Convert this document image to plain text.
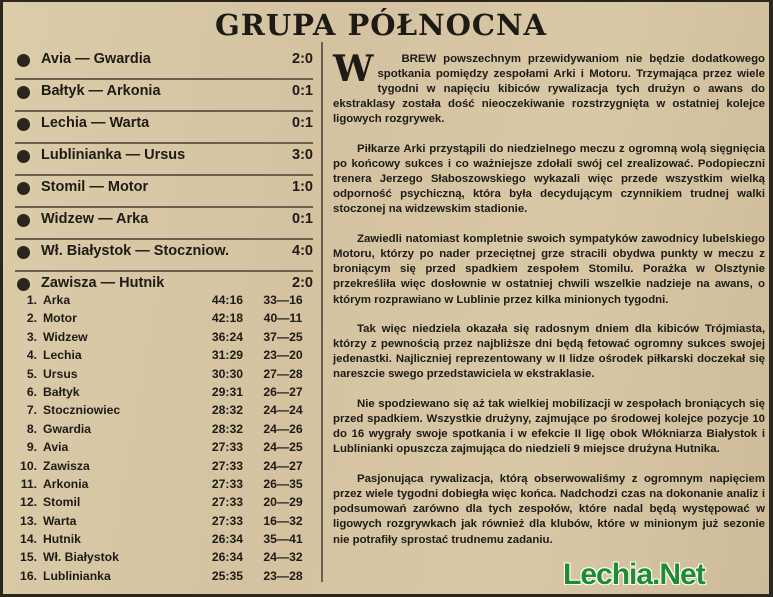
GRUPA PÓŁNOCNA
Avia — Gwardia	2:0
Bałtyk — Arkonia	0:1
Lechia — Warta	0:1
Lublinianka — Ursus	3:0
Stomil — Motor	1:0
Widzew — Arka	0:1
Wł. Białystok — Stoczniow.	4:0
Zawisza — Hutnik	2:0
1. Arka	44:16	33—16
2. Motor	42:18	40—11
3. Widzew	36:24	37—25
4. Lechia	31:29	23—20
5. Ursus	30:30	27—28
6. Bałtyk	29:31	26—27
7. Stoczniowiec	28:32	24—24
8. Gwardia	28:32	24—26
9. Avia	27:33	24—25
10. Zawisza	27:33	24—27
11. Arkonia	27:33	26—35
12. Stomil	27:33	20—29
13. Warta	27:33	16—32
14. Hutnik	26:34	35—41
15. Wł. Białystok	26:34	24—32
16. Lublinianka	25:35	23—28

W BREW powszechnym przewidywaniom nie będzie dodatkowego spotkania pomiędzy zespołami Arki i Motoru. Trzymająca przez wiele tygodni w napięciu kibiców rywalizacja tych drużyn o awans do ekstraklasy została dość nieoczekiwanie rozstrzygnięta w ostatniej kolejce ligowych rozgrywek.

Piłkarze Arki przystąpili do niedzielnego meczu z ogromną wolą sięgnięcia po końcowy sukces i co ważniejsze zdołali swój cel zrealizować. Podopieczni trenera Jerzego Słaboszowskiego wykazali więc przede wszystkim wielką odporność psychiczną, która była decydującym czynnikiem trudnej walki stoczonej na widzewskim stadionie.

Zawiedli natomiast kompletnie swoich sympatyków zawodnicy lubelskiego Motoru, którzy po nader przeciętnej grze stracili obydwa punkty w meczu z broniącym się przed spadkiem zespołem Stomilu. Porażka w Olsztynie przekreśliła więc dosłownie w ostatniej chwili wszelkie nadzieje na awans, o którym rozprawiano w Lublinie przez kilka minionych tygodni.

Tak więc niedziela okazała się radosnym dniem dla kibiców Trójmiasta, którzy z pewnością przez najbliższe dni będą fetować ogromny sukces swojej jedenastki. Najliczniej reprezentowany w II lidze ośrodek piłkarski doczekał się nareszcie swego przedstawiciela w ekstraklasie.

Nie spodziewano się aż tak wielkiej mobilizacji w zespołach broniących się przed spadkiem. Wszystkie drużyny, zajmujące po środowej kolejce pozycje 10 do 16 wygrały swoje spotkania i w efekcie II ligę obok Włókniarza Białystok i Lublinianki opuszcza zajmująca do niedzieli 9 miejsce drużyna Hutnika.

Pasjonująca rywalizacja, którą obserwowaliśmy z ogromnym napięciem przez wiele tygodni dobiegła więc końca. Nadchodzi czas na dokonanie analiz i podsumowań zarówno dla tych zespołów, które nadal będą występować w ligowych rozgrywkach jak również dla klubów, które w minionym już sezonie nie potrafiły sprostać trudnemu zadaniu.

Lechia.Net
